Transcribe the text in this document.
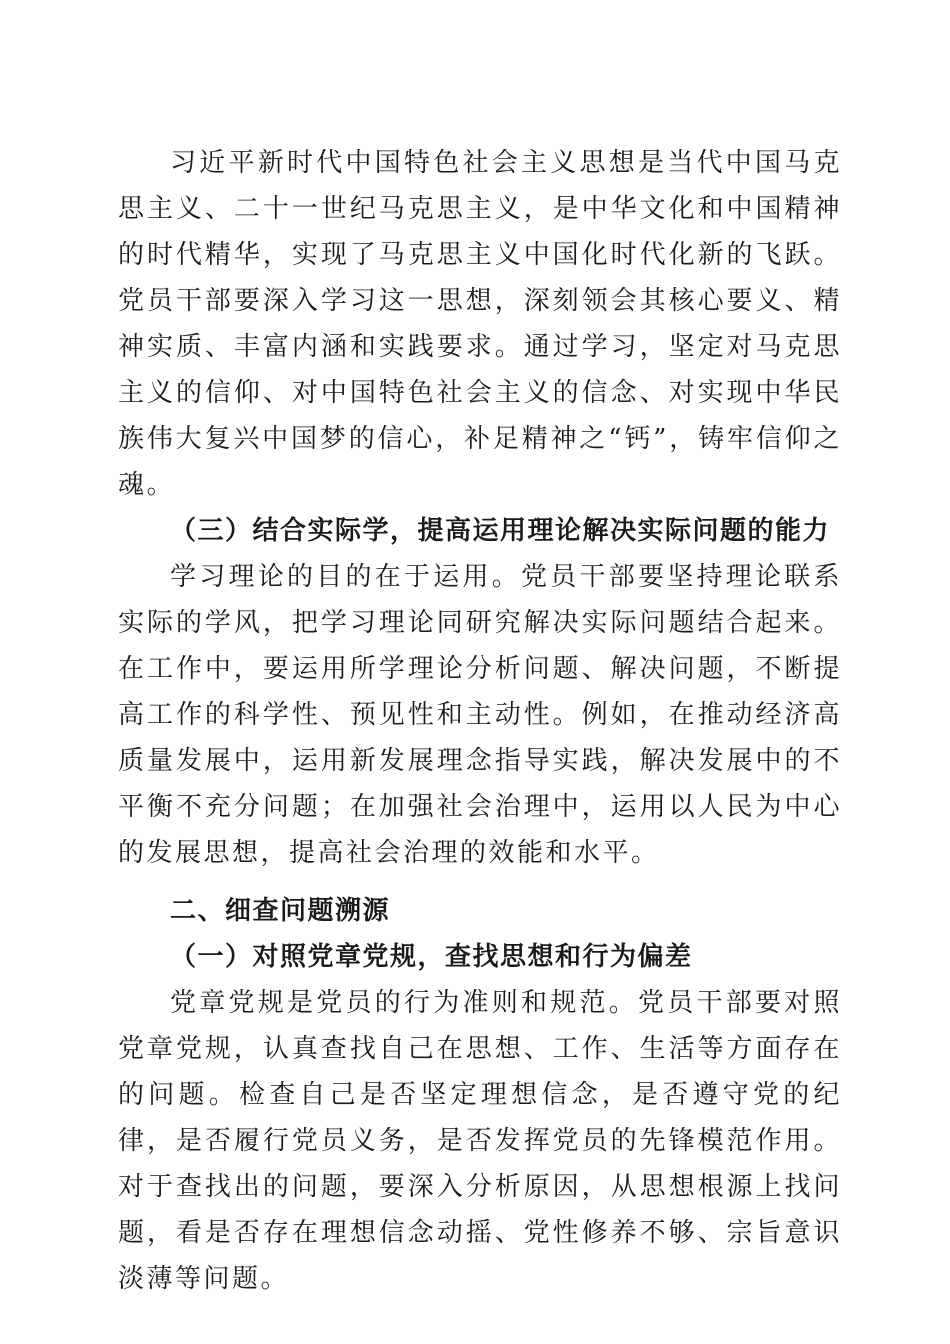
习近平新时代中国特色社会主义思想是当代中国马克思主义、二十一世纪马克思主义，是中华文化和中国精神的时代精华，实现了马克思主义中国化时代化新的飞跃。党员干部要深入学习这一思想，深刻领会其核心要义、精神实质、丰富内涵和实践要求。通过学习，坚定对马克思主义的信仰、对中国特色社会主义的信念、对实现中华民族伟大复兴中国梦的信心，补足精神之“钙”，铸牢信仰之魂。

（三）结合实际学，提高运用理论解决实际问题的能力

学习理论的目的在于运用。党员干部要坚持理论联系实际的学风，把学习理论同研究解决实际问题结合起来。在工作中，要运用所学理论分析问题、解决问题，不断提高工作的科学性、预见性和主动性。例如，在推动经济高质量发展中，运用新发展理念指导实践，解决发展中的不平衡不充分问题；在加强社会治理中，运用以人民为中心的发展思想，提高社会治理的效能和水平。

二、细查问题溯源

（一）对照党章党规，查找思想和行为偏差

党章党规是党员的行为准则和规范。党员干部要对照党章党规，认真查找自己在思想、工作、生活等方面存在的问题。检查自己是否坚定理想信念，是否遵守党的纪律，是否履行党员义务，是否发挥党员的先锋模范作用。对于查找出的问题，要深入分析原因，从思想根源上找问题，看是否存在理想信念动摇、党性修养不够、宗旨意识淡薄等问题。
